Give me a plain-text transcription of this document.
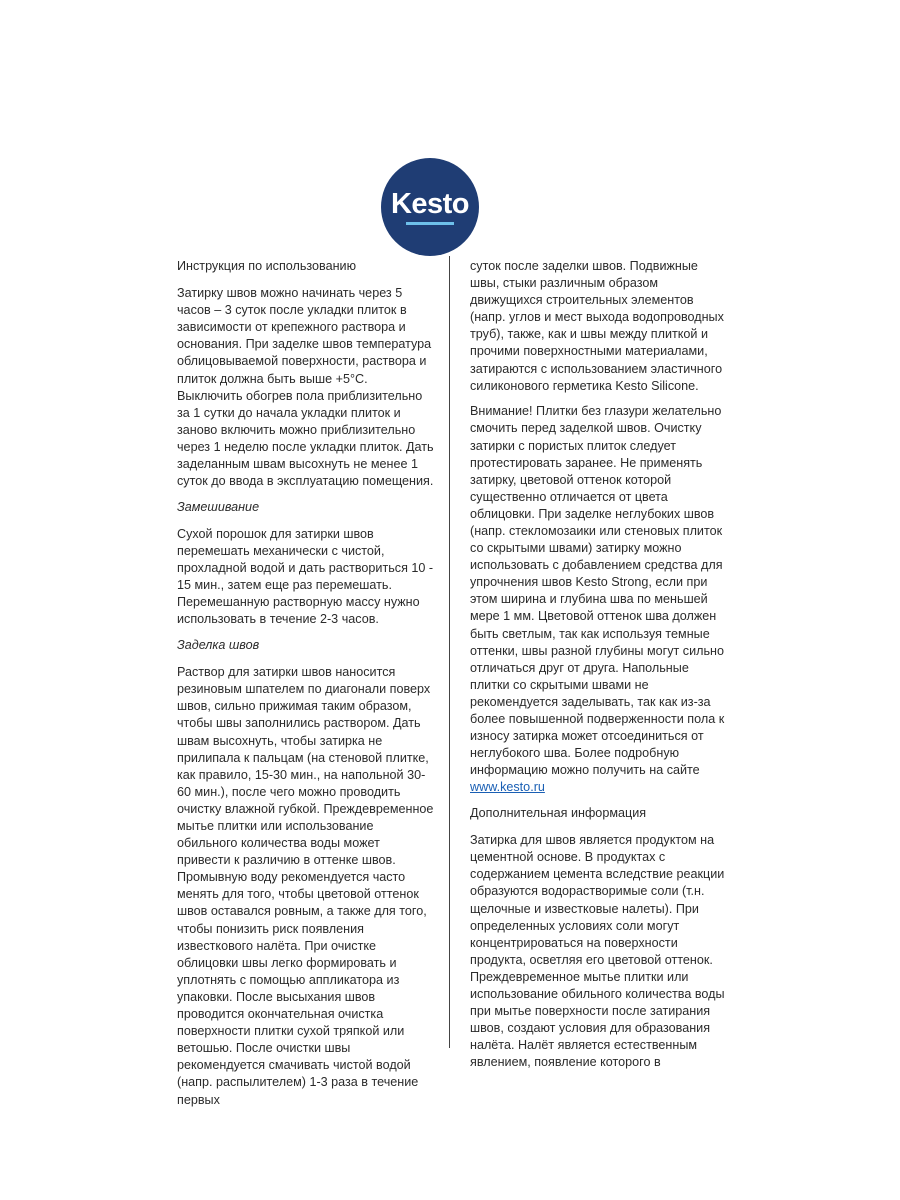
Kesto

Инструкция по использованию

Затирку швов можно начинать через 5 часов – 3 суток после укладки плиток в зависимости от крепежного раствора и основания. При заделке швов температура облицовываемой поверхности, раствора и плиток должна быть выше +5°C. Выключить обогрев пола приблизительно за 1 сутки до начала укладки плиток и заново включить можно приблизительно через 1 неделю после укладки плиток. Дать заделанным швам высохнуть не менее 1 суток до ввода в эксплуатацию помещения.

Замешивание

Сухой порошок для затирки швов перемешать механически с чистой, прохладной водой и дать раствориться 10 - 15 мин., затем еще раз перемешать. Перемешанную растворную массу нужно использовать в течение 2-3 часов.

Заделка швов

Раствор для затирки швов наносится резиновым шпателем по диагонали поверх швов, сильно прижимая таким образом, чтобы швы заполнились раствором. Дать швам высохнуть, чтобы затирка не прилипала к пальцам (на стеновой плитке, как правило, 15-30 мин., на напольной 30-60 мин.), после чего можно проводить очистку влажной губкой. Преждевременное мытье плитки или использование обильного количества воды может привести к различию в оттенке швов. Промывную воду рекомендуется часто менять для того, чтобы цветовой оттенок швов оставался ровным, а также для того, чтобы понизить риск появления известкового налёта. При очистке облицовки швы легко формировать и уплотнять с помощью аппликатора из упаковки. После высыхания швов проводится окончательная очистка поверхности плитки сухой тряпкой или ветошью. После очистки швы рекомендуется смачивать чистой водой (напр. распылителем) 1-3 раза в течение первых

суток после заделки швов. Подвижные швы, стыки различным образом движущихся строительных элементов (напр. углов и мест выхода водопроводных труб), также, как и швы между плиткой и прочими поверхностными материалами, затираются с использованием эластичного силиконового герметика Kesto Silicone.

Внимание! Плитки без глазури желательно смочить перед заделкой швов. Очистку затирки с пористых плиток следует протестировать заранее. Не применять затирку, цветовой оттенок которой существенно отличается от цвета облицовки. При заделке неглубоких швов (напр. стекломозаики или стеновых плиток со скрытыми швами) затирку можно использовать с добавлением средства для упрочнения швов Kesto Strong, если при этом ширина и глубина шва по меньшей мере 1 мм. Цветовой оттенок шва должен быть светлым, так как используя темные оттенки, швы разной глубины могут сильно отличаться друг от друга. Напольные плитки со скрытыми швами не рекомендуется заделывать, так как из-за более повышенной подверженности пола к износу затирка может отсоединиться от неглубокого шва. Более подробную информацию можно получить на сайте www.kesto.ru

Дополнительная информация

Затирка для швов является продуктом на цементной основе. В продуктах с содержанием цемента вследствие реакции образуются водорастворимые соли (т.н. щелочные и известковые налеты). При определенных условиях соли могут концентрироваться на поверхности продукта, осветляя его цветовой оттенок. Преждевременное мытье плитки или использование обильного количества воды при мытье поверхности после затирания швов, создают условия для образования налёта. Налёт является естественным явлением, появление которого в
